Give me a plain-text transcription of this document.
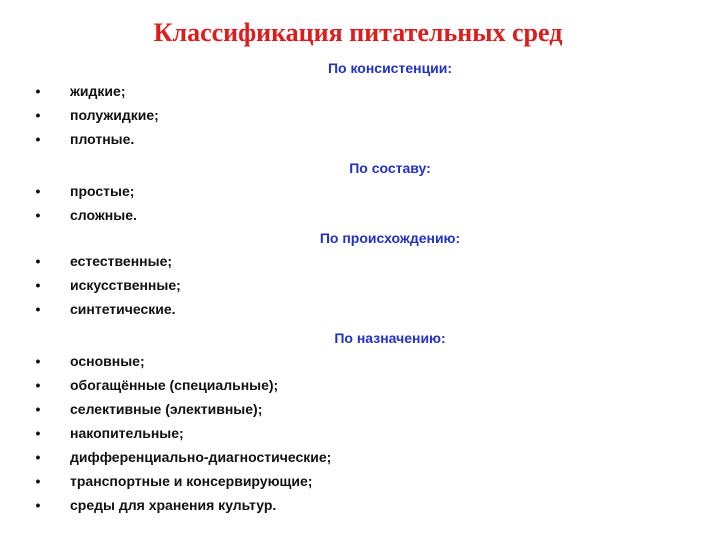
Классификация питательных сред
По консистенции:
• жидкие;
• полужидкие;
• плотные.
По составу:
• простые;
• сложные.
По происхождению:
• естественные;
• искусственные;
• синтетические.
По назначению:
• основные;
• обогащённые (специальные);
• селективные (элективные);
• накопительные;
• дифференциально-диагностические;
• транспортные и консервирующие;
• среды для хранения культур.
